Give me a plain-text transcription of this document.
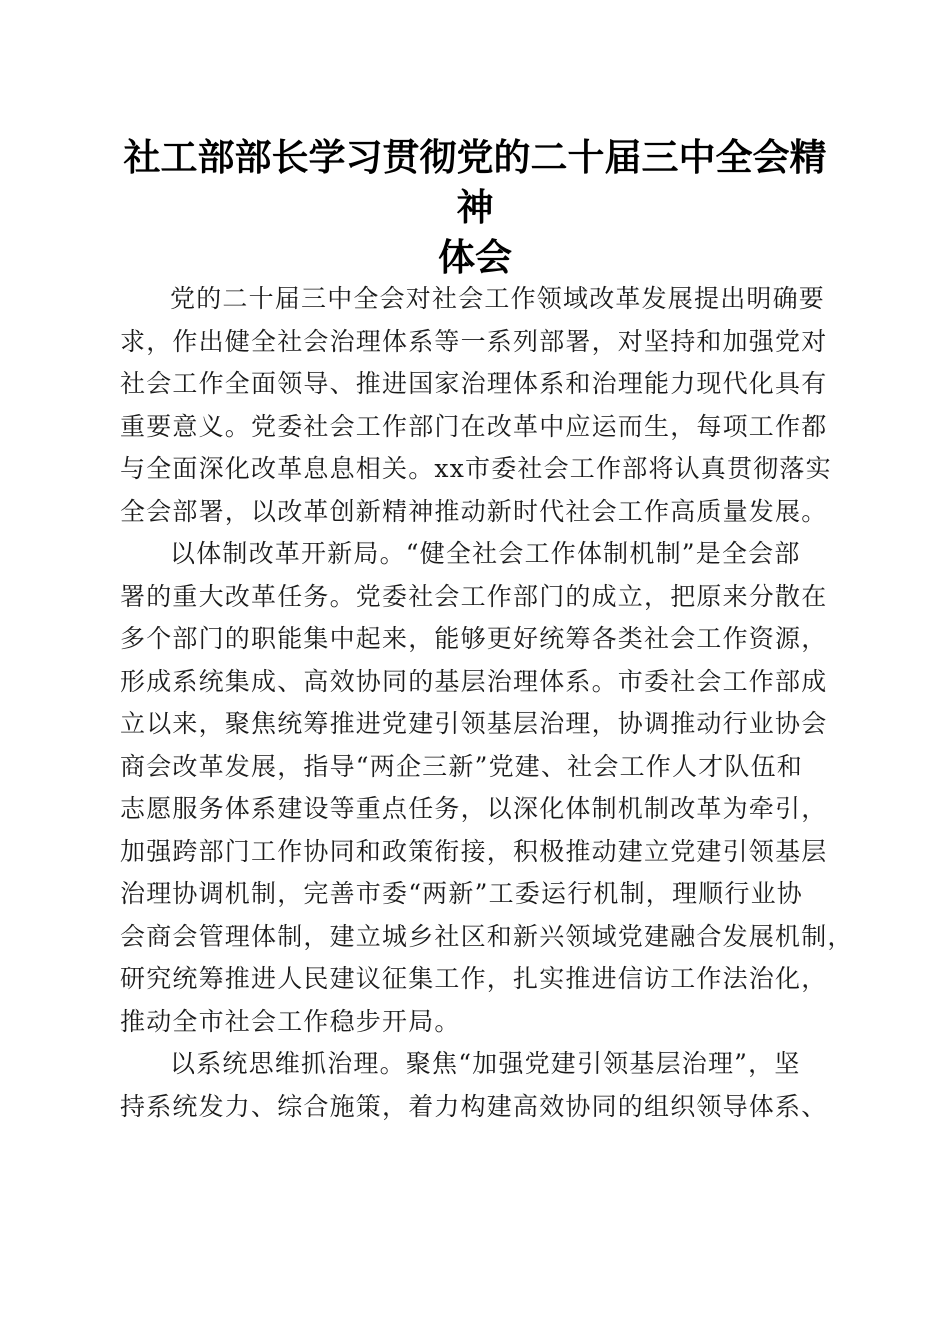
社工部部长学习贯彻党的二十届三中全会精神
体会

党的二十届三中全会对社会工作领域改革发展提出明确要
求，作出健全社会治理体系等一系列部署，对坚持和加强党对
社会工作全面领导、推进国家治理体系和治理能力现代化具有
重要意义。党委社会工作部门在改革中应运而生，每项工作都
与全面深化改革息息相关。xx市委社会工作部将认真贯彻落实
全会部署，以改革创新精神推动新时代社会工作高质量发展。

以体制改革开新局。“健全社会工作体制机制”是全会部
署的重大改革任务。党委社会工作部门的成立，把原来分散在
多个部门的职能集中起来，能够更好统筹各类社会工作资源，
形成系统集成、高效协同的基层治理体系。市委社会工作部成
立以来，聚焦统筹推进党建引领基层治理，协调推动行业协会
商会改革发展，指导“两企三新”党建、社会工作人才队伍和
志愿服务体系建设等重点任务，以深化体制机制改革为牵引，
加强跨部门工作协同和政策衔接，积极推动建立党建引领基层
治理协调机制，完善市委“两新”工委运行机制，理顺行业协
会商会管理体制，建立城乡社区和新兴领域党建融合发展机制，
研究统筹推进人民建议征集工作，扎实推进信访工作法治化，
推动全市社会工作稳步开局。

以系统思维抓治理。聚焦“加强党建引领基层治理”，坚
持系统发力、综合施策，着力构建高效协同的组织领导体系、
